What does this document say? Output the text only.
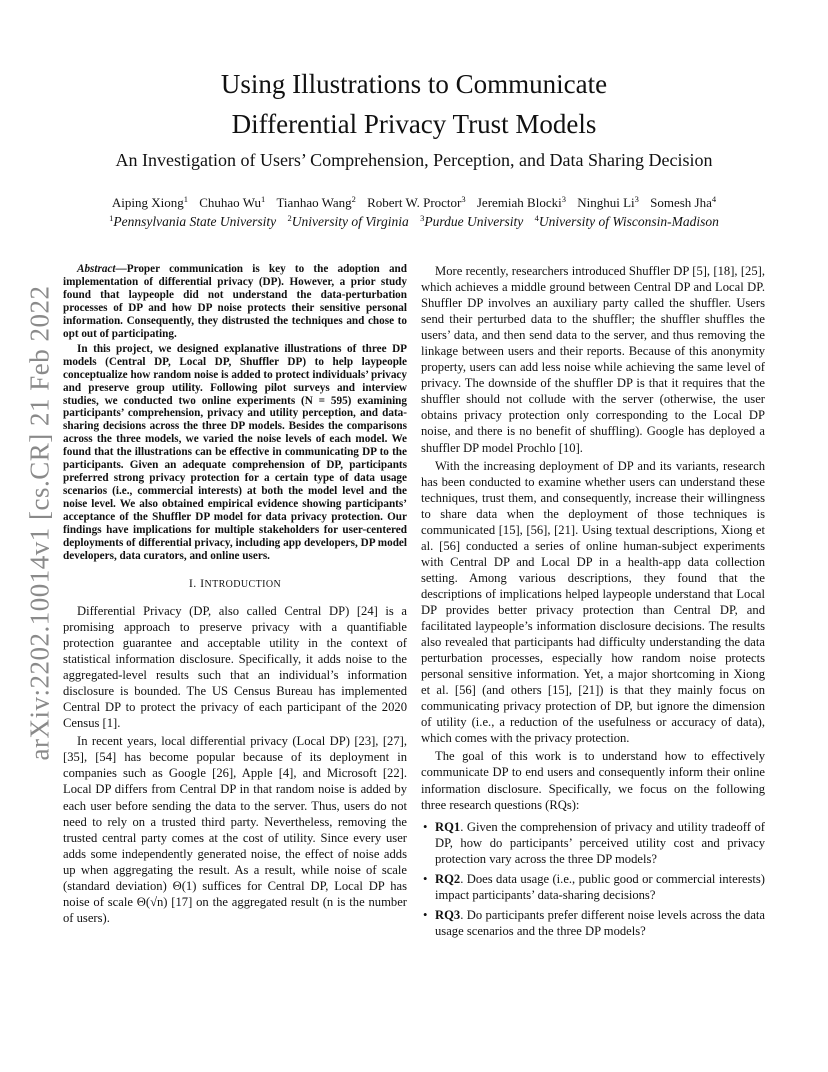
arXiv:2202.10014v1 [cs.CR] 21 Feb 2022
Using Illustrations to Communicate
Differential Privacy Trust Models
An Investigation of Users’ Comprehension, Perception, and Data Sharing Decision
Aiping Xiong$^1$ Chuhao Wu$^1$ Tianhao Wang$^2$ Robert W. Proctor$^3$ Jeremiah Blocki$^3$ Ninghui Li$^3$ Somesh Jha$^4$
$^1$Pennsylvania State University $^2$University of Virginia $^3$Purdue University $^4$University of Wisconsin-Madison

Abstract—Proper communication is key to the adoption and implementation of differential privacy (DP). However, a prior study found that laypeople did not understand the data-perturbation processes of DP and how DP noise protects their sensitive personal information. Consequently, they distrusted the techniques and chose to opt out of participating.

In this project, we designed explanative illustrations of three DP models (Central DP, Local DP, Shuffler DP) to help laypeople conceptualize how random noise is added to protect individuals’ privacy and preserve group utility. Following pilot surveys and interview studies, we conducted two online experiments (N = 595) examining participants’ comprehension, privacy and utility perception, and data-sharing decisions across the three DP models. Besides the comparisons across the three models, we varied the noise levels of each model. We found that the illustrations can be effective in communicating DP to the participants. Given an adequate comprehension of DP, participants preferred strong privacy protection for a certain type of data usage scenarios (i.e., commercial interests) at both the model level and the noise level. We also obtained empirical evidence showing participants’ acceptance of the Shuffler DP model for data privacy protection. Our findings have implications for multiple stakeholders for user-centered deployments of differential privacy, including app developers, DP model developers, data curators, and online users.

I. INTRODUCTION

Differential Privacy (DP, also called Central DP) [24] is a promising approach to preserve privacy with a quantifiable protection guarantee and acceptable utility in the context of statistical information disclosure. Specifically, it adds noise to the aggregated-level results such that an individual’s information disclosure is bounded. The US Census Bureau has implemented Central DP to protect the privacy of each participant of the 2020 Census [1].

In recent years, local differential privacy (Local DP) [23], [27], [35], [54] has become popular because of its deployment in companies such as Google [26], Apple [4], and Microsoft [22]. Local DP differs from Central DP in that random noise is added by each user before sending the data to the server. Thus, users do not need to rely on a trusted third party. Nevertheless, removing the trusted central party comes at the cost of utility. Since every user adds some independently generated noise, the effect of noise adds up when aggregating the result. As a result, while noise of scale (standard deviation) Θ(1) suffices for Central DP, Local DP has noise of scale Θ(√n) [17] on the aggregated result (n is the number of users).

More recently, researchers introduced Shuffler DP [5], [18], [25], which achieves a middle ground between Central DP and Local DP. Shuffler DP involves an auxiliary party called the shuffler. Users send their perturbed data to the shuffler; the shuffler shuffles the users’ data, and then send data to the server, and thus removing the linkage between users and their reports. Because of this anonymity property, users can add less noise while achieving the same level of privacy. The downside of the shuffler DP is that it requires that the shuffler should not collude with the server (otherwise, the user obtains privacy protection only corresponding to the Local DP noise, and there is no benefit of shuffling). Google has deployed a shuffler DP model Prochlo [10].

With the increasing deployment of DP and its variants, research has been conducted to examine whether users can understand these techniques, trust them, and consequently, increase their willingness to share data when the deployment of those techniques is communicated [15], [56], [21]. Using textual descriptions, Xiong et al. [56] conducted a series of online human-subject experiments with Central DP and Local DP in a health-app data collection setting. Among various descriptions, they found that the descriptions of implications helped laypeople understand that Local DP provides better privacy protection than Central DP, and facilitated laypeople’s information disclosure decisions. The results also revealed that participants had difficulty understanding the data perturbation processes, especially how random noise protects personal sensitive information. Yet, a major shortcoming in Xiong et al. [56] (and others [15], [21]) is that they mainly focus on communicating privacy protection of DP, but ignore the dimension of utility (i.e., a reduction of the usefulness or accuracy of data), which comes with the privacy protection.

The goal of this work is to understand how to effectively communicate DP to end users and consequently inform their online information disclosure. Specifically, we focus on the following three research questions (RQs):

• RQ1. Given the comprehension of privacy and utility tradeoff of DP, how do participants’ perceived utility cost and privacy protection vary across the three DP models?
• RQ2. Does data usage (i.e., public good or commercial interests) impact participants’ data-sharing decisions?
• RQ3. Do participants prefer different noise levels across the data usage scenarios and the three DP models?
